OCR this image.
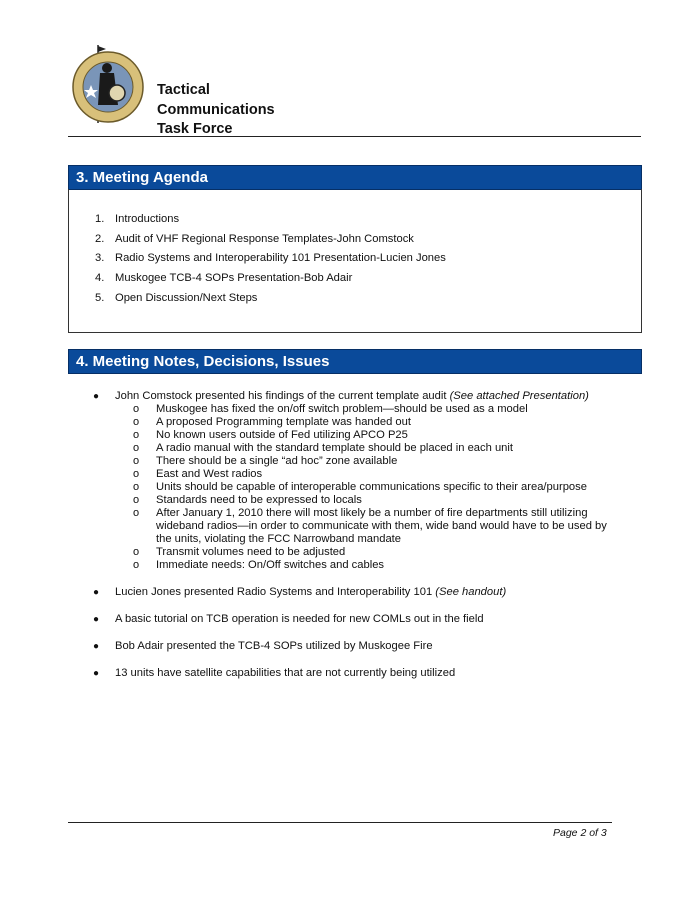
Tactical
Communications
Task Force
3. Meeting Agenda
1. Introductions
2. Audit of VHF Regional Response Templates-John Comstock
3. Radio Systems and Interoperability 101 Presentation-Lucien Jones
4. Muskogee TCB-4 SOPs Presentation-Bob Adair
5. Open Discussion/Next Steps
4. Meeting Notes, Decisions, Issues
● John Comstock presented his findings of the current template audit (See attached Presentation)
o Muskogee has fixed the on/off switch problem—should be used as a model
o A proposed Programming template was handed out
o No known users outside of Fed utilizing APCO P25
o A radio manual with the standard template should be placed in each unit
o There should be a single “ad hoc” zone available
o East and West radios
o Units should be capable of interoperable communications specific to their area/purpose
o Standards need to be expressed to locals
o After January 1, 2010 there will most likely be a number of fire departments still utilizing wideband radios—in order to communicate with them, wide band would have to be used by the units, violating the FCC Narrowband mandate
o Transmit volumes need to be adjusted
o Immediate needs: On/Off switches and cables
● Lucien Jones presented Radio Systems and Interoperability 101 (See handout)
● A basic tutorial on TCB operation is needed for new COMLs out in the field
● Bob Adair presented the TCB-4 SOPs utilized by Muskogee Fire
● 13 units have satellite capabilities that are not currently being utilized
Page 2 of 3
